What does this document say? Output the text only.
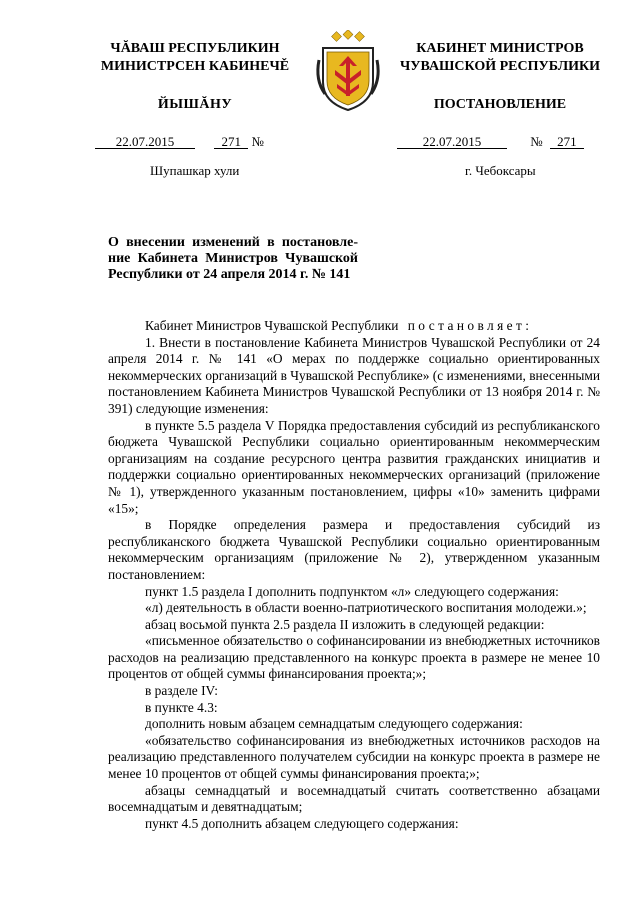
ЧĂВАШ РЕСПУБЛИКИН
МИНИСТРСЕН КАБИНЕЧĚ
ЙЫШĂНУ
КАБИНЕТ МИНИСТРОВ
ЧУВАШСКОЙ РЕСПУБЛИКИ
ПОСТАНОВЛЕНИЕ
22.07.2015	271 №
Шупашкар хули
22.07.2015	№ 271
г. Чебоксары
О внесении изменений в постановле-ние Кабинета Министров Чувашской Республики от 24 апреля 2014 г. № 141

Кабинет Министров Чувашской Республики постановляет:

1. Внести в постановление Кабинета Министров Чувашской Республики от 24 апреля 2014 г. № 141 «О мерах по поддержке социально ориентированных некоммерческих организаций в Чувашской Республике» (с изменениями, внесенными постановлением Кабинета Министров Чувашской Республики от 13 ноября 2014 г. № 391) следующие изменения:

в пункте 5.5 раздела V Порядка предоставления субсидий из республиканского бюджета Чувашской Республики социально ориентированным некоммерческим организациям на создание ресурсного центра развития гражданских инициатив и поддержки социально ориентированных некоммерческих организаций (приложение № 1), утвержденного указанным постановлением, цифры «10» заменить цифрами «15»;

в Порядке определения размера и предоставления субсидий из республиканского бюджета Чувашской Республики социально ориентированным некоммерческим организациям (приложение № 2), утвержденном указанным постановлением:

пункт 1.5 раздела I дополнить подпунктом «л» следующего содержания:

«л) деятельность в области военно-патриотического воспитания молодежи.»;

абзац восьмой пункта 2.5 раздела II изложить в следующей редакции:

«письменное обязательство о софинансировании из внебюджетных источников расходов на реализацию представленного на конкурс проекта в размере не менее 10 процентов от общей суммы финансирования проекта;»;

в разделе IV:

в пункте 4.3:

дополнить новым абзацем семнадцатым следующего содержания:

«обязательство софинансирования из внебюджетных источников расходов на реализацию представленного получателем субсидии на конкурс проекта в размере не менее 10 процентов от общей суммы финансирования проекта;»;

абзацы семнадцатый и восемнадцатый считать соответственно абзацами восемнадцатым и девятнадцатым;

пункт 4.5 дополнить абзацем следующего содержания:
